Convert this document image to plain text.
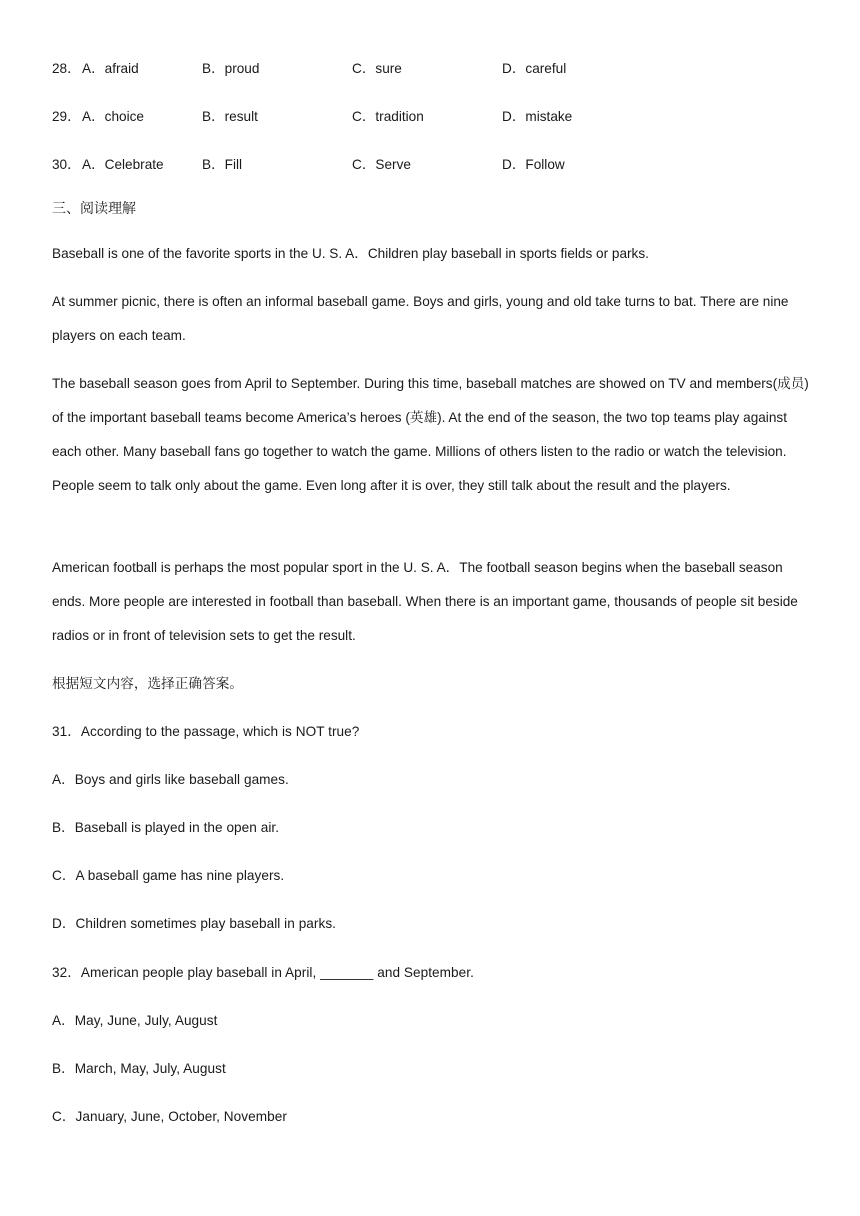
28． A．afraid	B．proud	C．sure	D．careful
29． A．choice	B．result	C．tradition	D．mistake
30． A．Celebrate	B．Fill	C．Serve	D．Follow
三、阅读理解
Baseball is one of the favorite sports in the U. S. A．Children play baseball in sports fields or parks.
At summer picnic, there is often an informal baseball game. Boys and girls, young and old take turns to bat. There are nine players on each team.
The baseball season goes from April to September. During this time, baseball matches are showed on TV and members(成员) of the important baseball teams become America’s heroes (英雄). At the end of the season, the two top teams play against each other. Many baseball fans go together to watch the game. Millions of others listen to the radio or watch the television. People seem to talk only about the game. Even long after it is over, they still talk about the result and the players.
American football is perhaps the most popular sport in the U. S. A．The football season begins when the baseball season ends. More people are interested in football than baseball. When there is an important game, thousands of people sit beside radios or in front of television sets to get the result.
根据短文内容，选择正确答案。
31．According to the passage, which is NOT true?
A．Boys and girls like baseball games.
B．Baseball is played in the open air.
C．A baseball game has nine players.
D．Children sometimes play baseball in parks.
32．American people play baseball in April, _______ and September.
A．May, June, July, August
B．March, May, July, August
C．January, June, October, November
